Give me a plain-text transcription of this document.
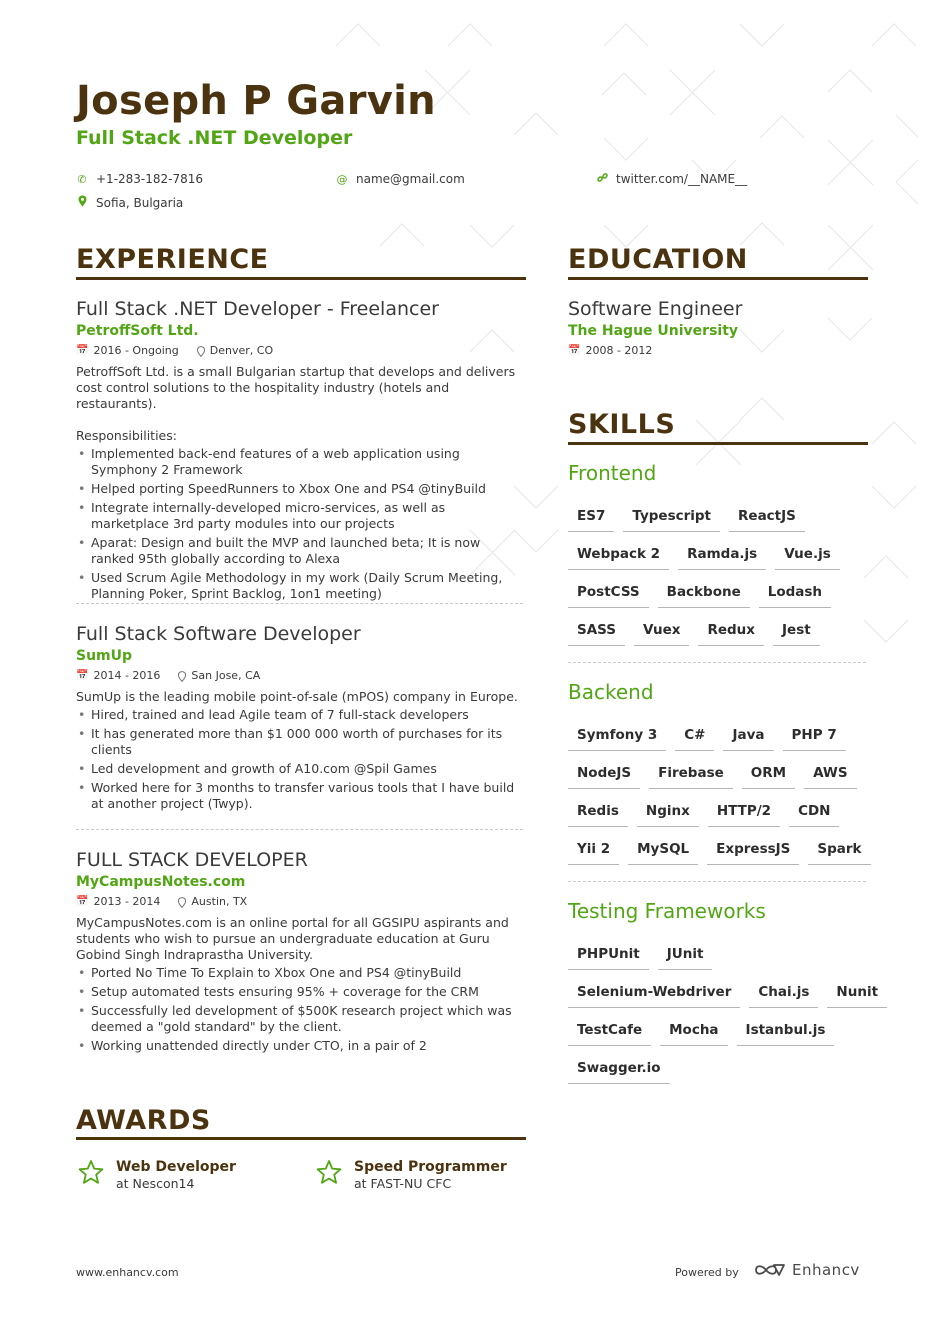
Joseph P Garvin
Full Stack .NET Developer
✆ +1-283-182-7816	@ name@gmail.com	twitter.com/__NAME__
Sofia, Bulgaria
EXPERIENCE
Full Stack .NET Developer - Freelancer
PetroffSoft Ltd.
📅 2016 - Ongoing	Denver, CO
PetroffSoft Ltd. is a small Bulgarian startup that develops and delivers cost control solutions to the hospitality industry (hotels and restaurants).
Responsibilities:
• Implemented back-end features of a web application using Symphony 2 Framework
• Helped porting SpeedRunners to Xbox One and PS4 @tinyBuild
• Integrate internally-developed micro-services, as well as marketplace 3rd party modules into our projects
• Aparat: Design and built the MVP and launched beta; It is now ranked 95th globally according to Alexa
• Used Scrum Agile Methodology in my work (Daily Scrum Meeting, Planning Poker, Sprint Backlog, 1on1 meeting)
Full Stack Software Developer
SumUp
📅 2014 - 2016	San Jose, CA
SumUp is the leading mobile point-of-sale (mPOS) company in Europe.
• Hired, trained and lead Agile team of 7 full-stack developers
• It has generated more than $1 000 000 worth of purchases for its clients
• Led development and growth of A10.com @Spil Games
• Worked here for 3 months to transfer various tools that I have build at another project (Twyp).
FULL STACK DEVELOPER
MyCampusNotes.com
📅 2013 - 2014	Austin, TX
MyCampusNotes.com is an online portal for all GGSIPU aspirants and students who wish to pursue an undergraduate education at Guru Gobind Singh Indraprastha University.
• Ported No Time To Explain to Xbox One and PS4 @tinyBuild
• Setup automated tests ensuring 95% + coverage for the CRM
• Successfully led development of $500K research project which was deemed a "gold standard" by the client.
• Working unattended directly under CTO, in a pair of 2
EDUCATION
Software Engineer
The Hague University
📅 2008 - 2012
SKILLS
Frontend
ES7	Typescript	ReactJS
Webpack 2	Ramda.js	Vue.js
PostCSS	Backbone	Lodash
SASS	Vuex	Redux	Jest
Backend
Symfony 3	C#	Java	PHP 7
NodeJS	Firebase	ORM	AWS
Redis	Nginx	HTTP/2	CDN
Yii 2	MySQL	ExpressJS	Spark
Testing Frameworks
PHPUnit	JUnit
Selenium-Webdriver	Chai.js	Nunit
TestCafe	Mocha	Istanbul.js
Swagger.io
AWARDS
Web Developer
at Nescon14
Speed Programmer
at FAST-NU CFC
www.enhancv.com	Powered by	Enhancv
